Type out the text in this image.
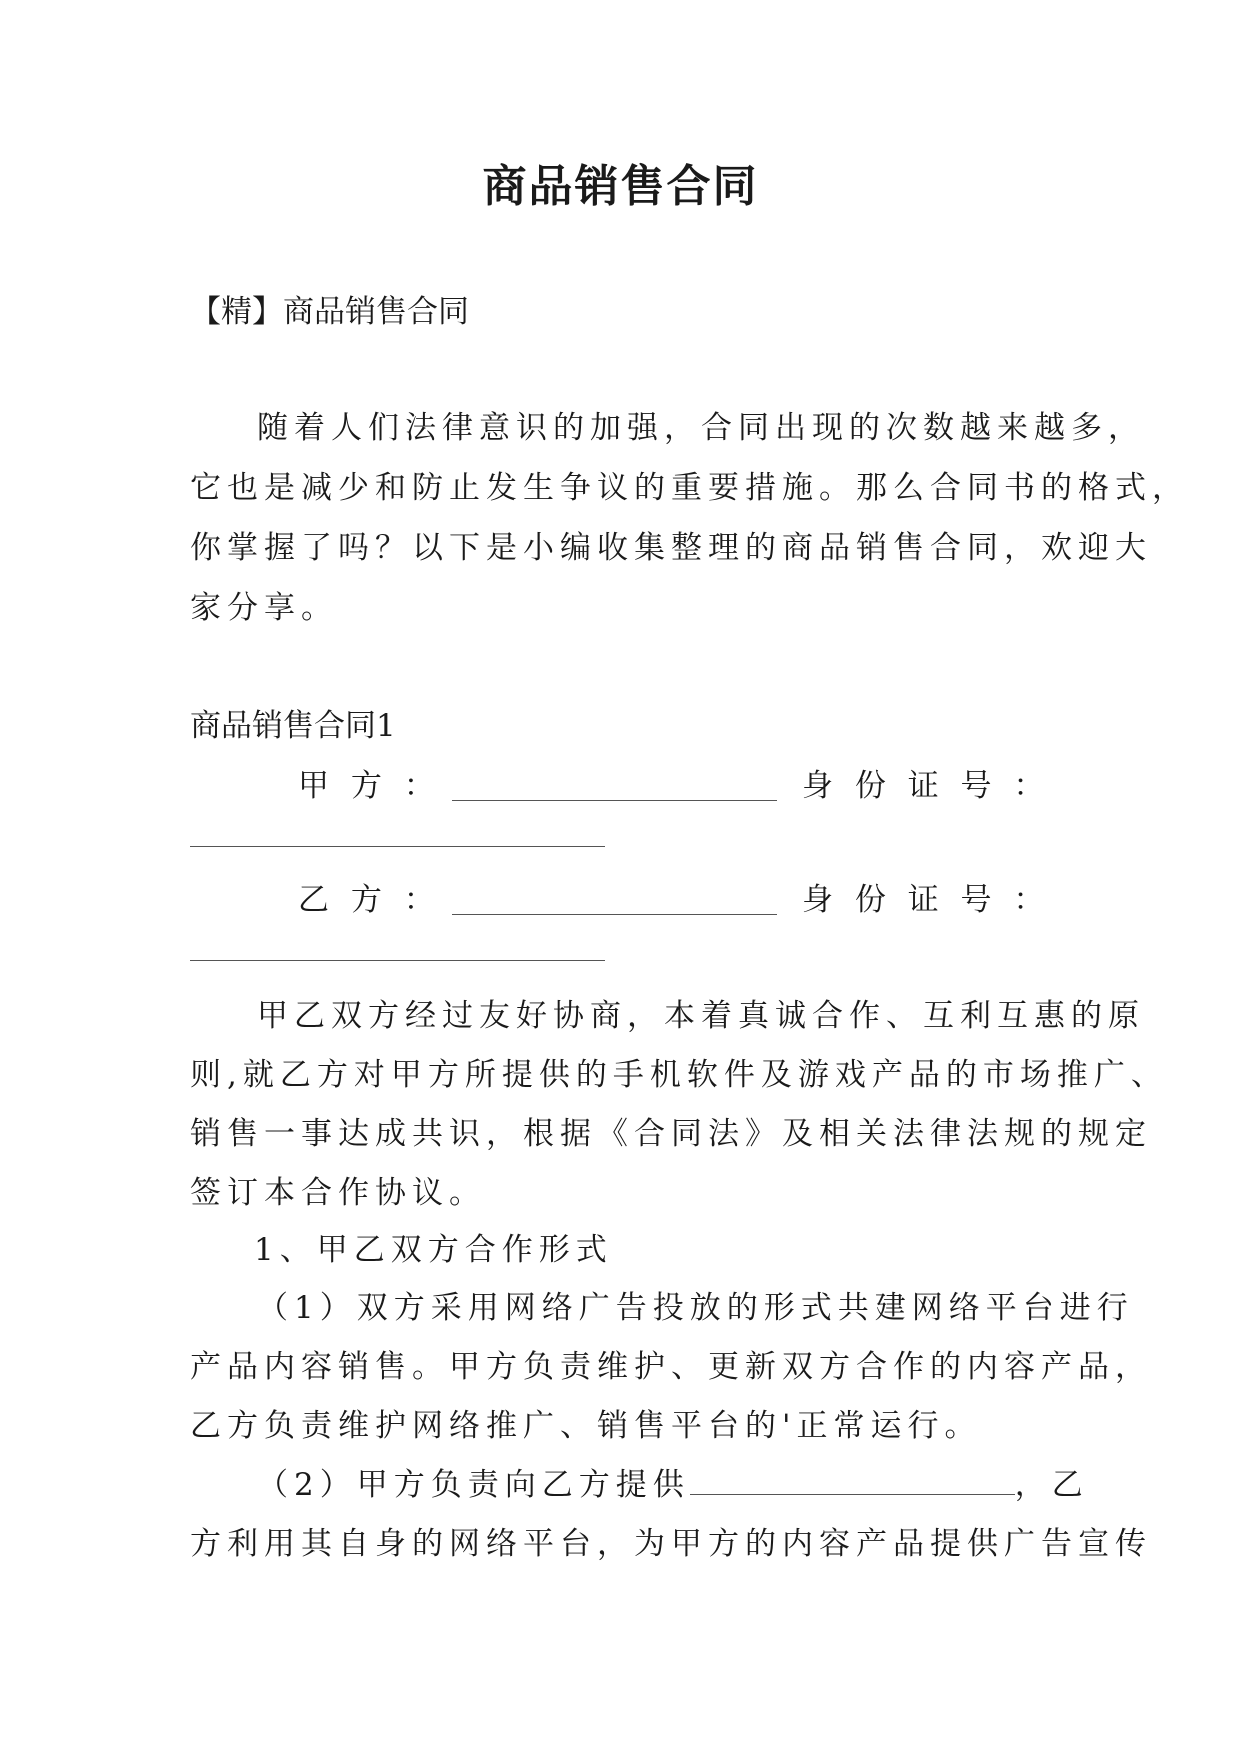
商品销售合同
【精】商品销售合同
随着人们法律意识的加强，合同出现的次数越来越多，
它也是减少和防止发生争议的重要措施。那么合同书的格式，
你掌握了吗？以下是小编收集整理的商品销售合同，欢迎大
家分享。
商品销售合同1
甲 方 ：	身 份 证 号 ：
乙 方 ：	身 份 证 号 ：
甲乙双方经过友好协商，本着真诚合作、互利互惠的原
则,就乙方对甲方所提供的手机软件及游戏产品的市场推广、
销售一事达成共识，根据《合同法》及相关法律法规的规定
签订本合作协议。
1、甲乙双方合作形式
（1）双方采用网络广告投放的形式共建网络平台进行
产品内容销售。甲方负责维护、更新双方合作的内容产品，
乙方负责维护网络推广、销售平台的'正常运行。
（2）甲方负责向乙方提供	，乙
方利用其自身的网络平台，为甲方的内容产品提供广告宣传
